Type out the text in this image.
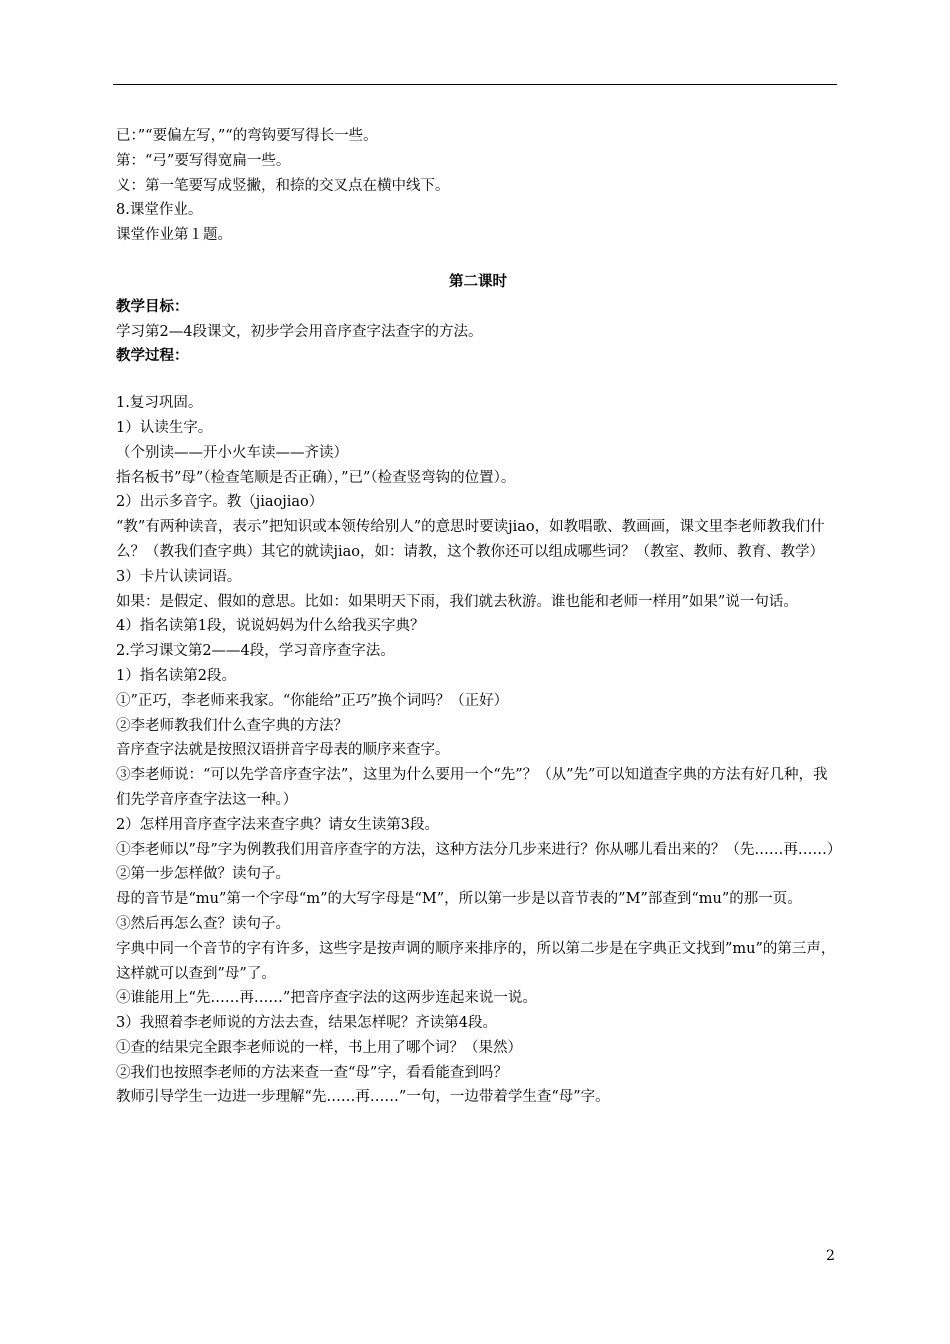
已：”“要偏左写，”“的弯钩要写得长一些。

第：“弓”要写得宽扁一些。

义：第一笔要写成竖撇，和捺的交叉点在横中线下。

8.课堂作业。

课堂作业第１题。

第二课时

教学目标：

学习第2—4段课文，初步学会用音序查字法查字的方法。

教学过程：

1.复习巩固。

1）认读生字。

（个别读——开小火车读——齐读）

指名板书”母”（检查笔顺是否正确），”已”（检查竖弯钩的位置）。

2）出示多音字。教（jiaojiao）

“教”有两种读音，表示”把知识或本领传给别人”的意思时要读jiao，如教唱歌、教画画，课文里李老师教我们什么？（教我们查字典）其它的就读jiao，如：请教，这个教你还可以组成哪些词？（教室、教师、教育、教学）

3）卡片认读词语。

如果：是假定、假如的意思。比如：如果明天下雨，我们就去秋游。谁也能和老师一样用”如果”说一句话。

4）指名读第1段，说说妈妈为什么给我买字典？

2.学习课文第2——4段，学习音序查字法。

1）指名读第2段。

①”正巧，李老师来我家。“你能给”正巧”换个词吗？（正好）

②李老师教我们什么查字典的方法？

音序查字法就是按照汉语拼音字母表的顺序来查字。

③李老师说：“可以先学音序查字法”，这里为什么要用一个“先”？（从”先”可以知道查字典的方法有好几种，我们先学音序查字法这一种。）

2）怎样用音序查字法来查字典？请女生读第3段。

①李老师以”母”字为例教我们用音序查字的方法，这种方法分几步来进行？你从哪儿看出来的？（先……再……）

②第一步怎样做？读句子。

母的音节是“mu”第一个字母“m”的大写字母是“M”，所以第一步是以音节表的”M”部查到“mu”的那一页。

③然后再怎么查？读句子。

字典中同一个音节的字有许多，这些字是按声调的顺序来排序的，所以第二步是在字典正文找到”mu”的第三声，这样就可以查到”母”了。

④谁能用上“先……再……”把音序查字法的这两步连起来说一说。

3）我照着李老师说的方法去查，结果怎样呢？齐读第4段。

①查的结果完全跟李老师说的一样，书上用了哪个词？（果然）

②我们也按照李老师的方法来查一查“母”字，看看能查到吗？

教师引导学生一边进一步理解“先……再……”一句，一边带着学生查“母”字。

2
